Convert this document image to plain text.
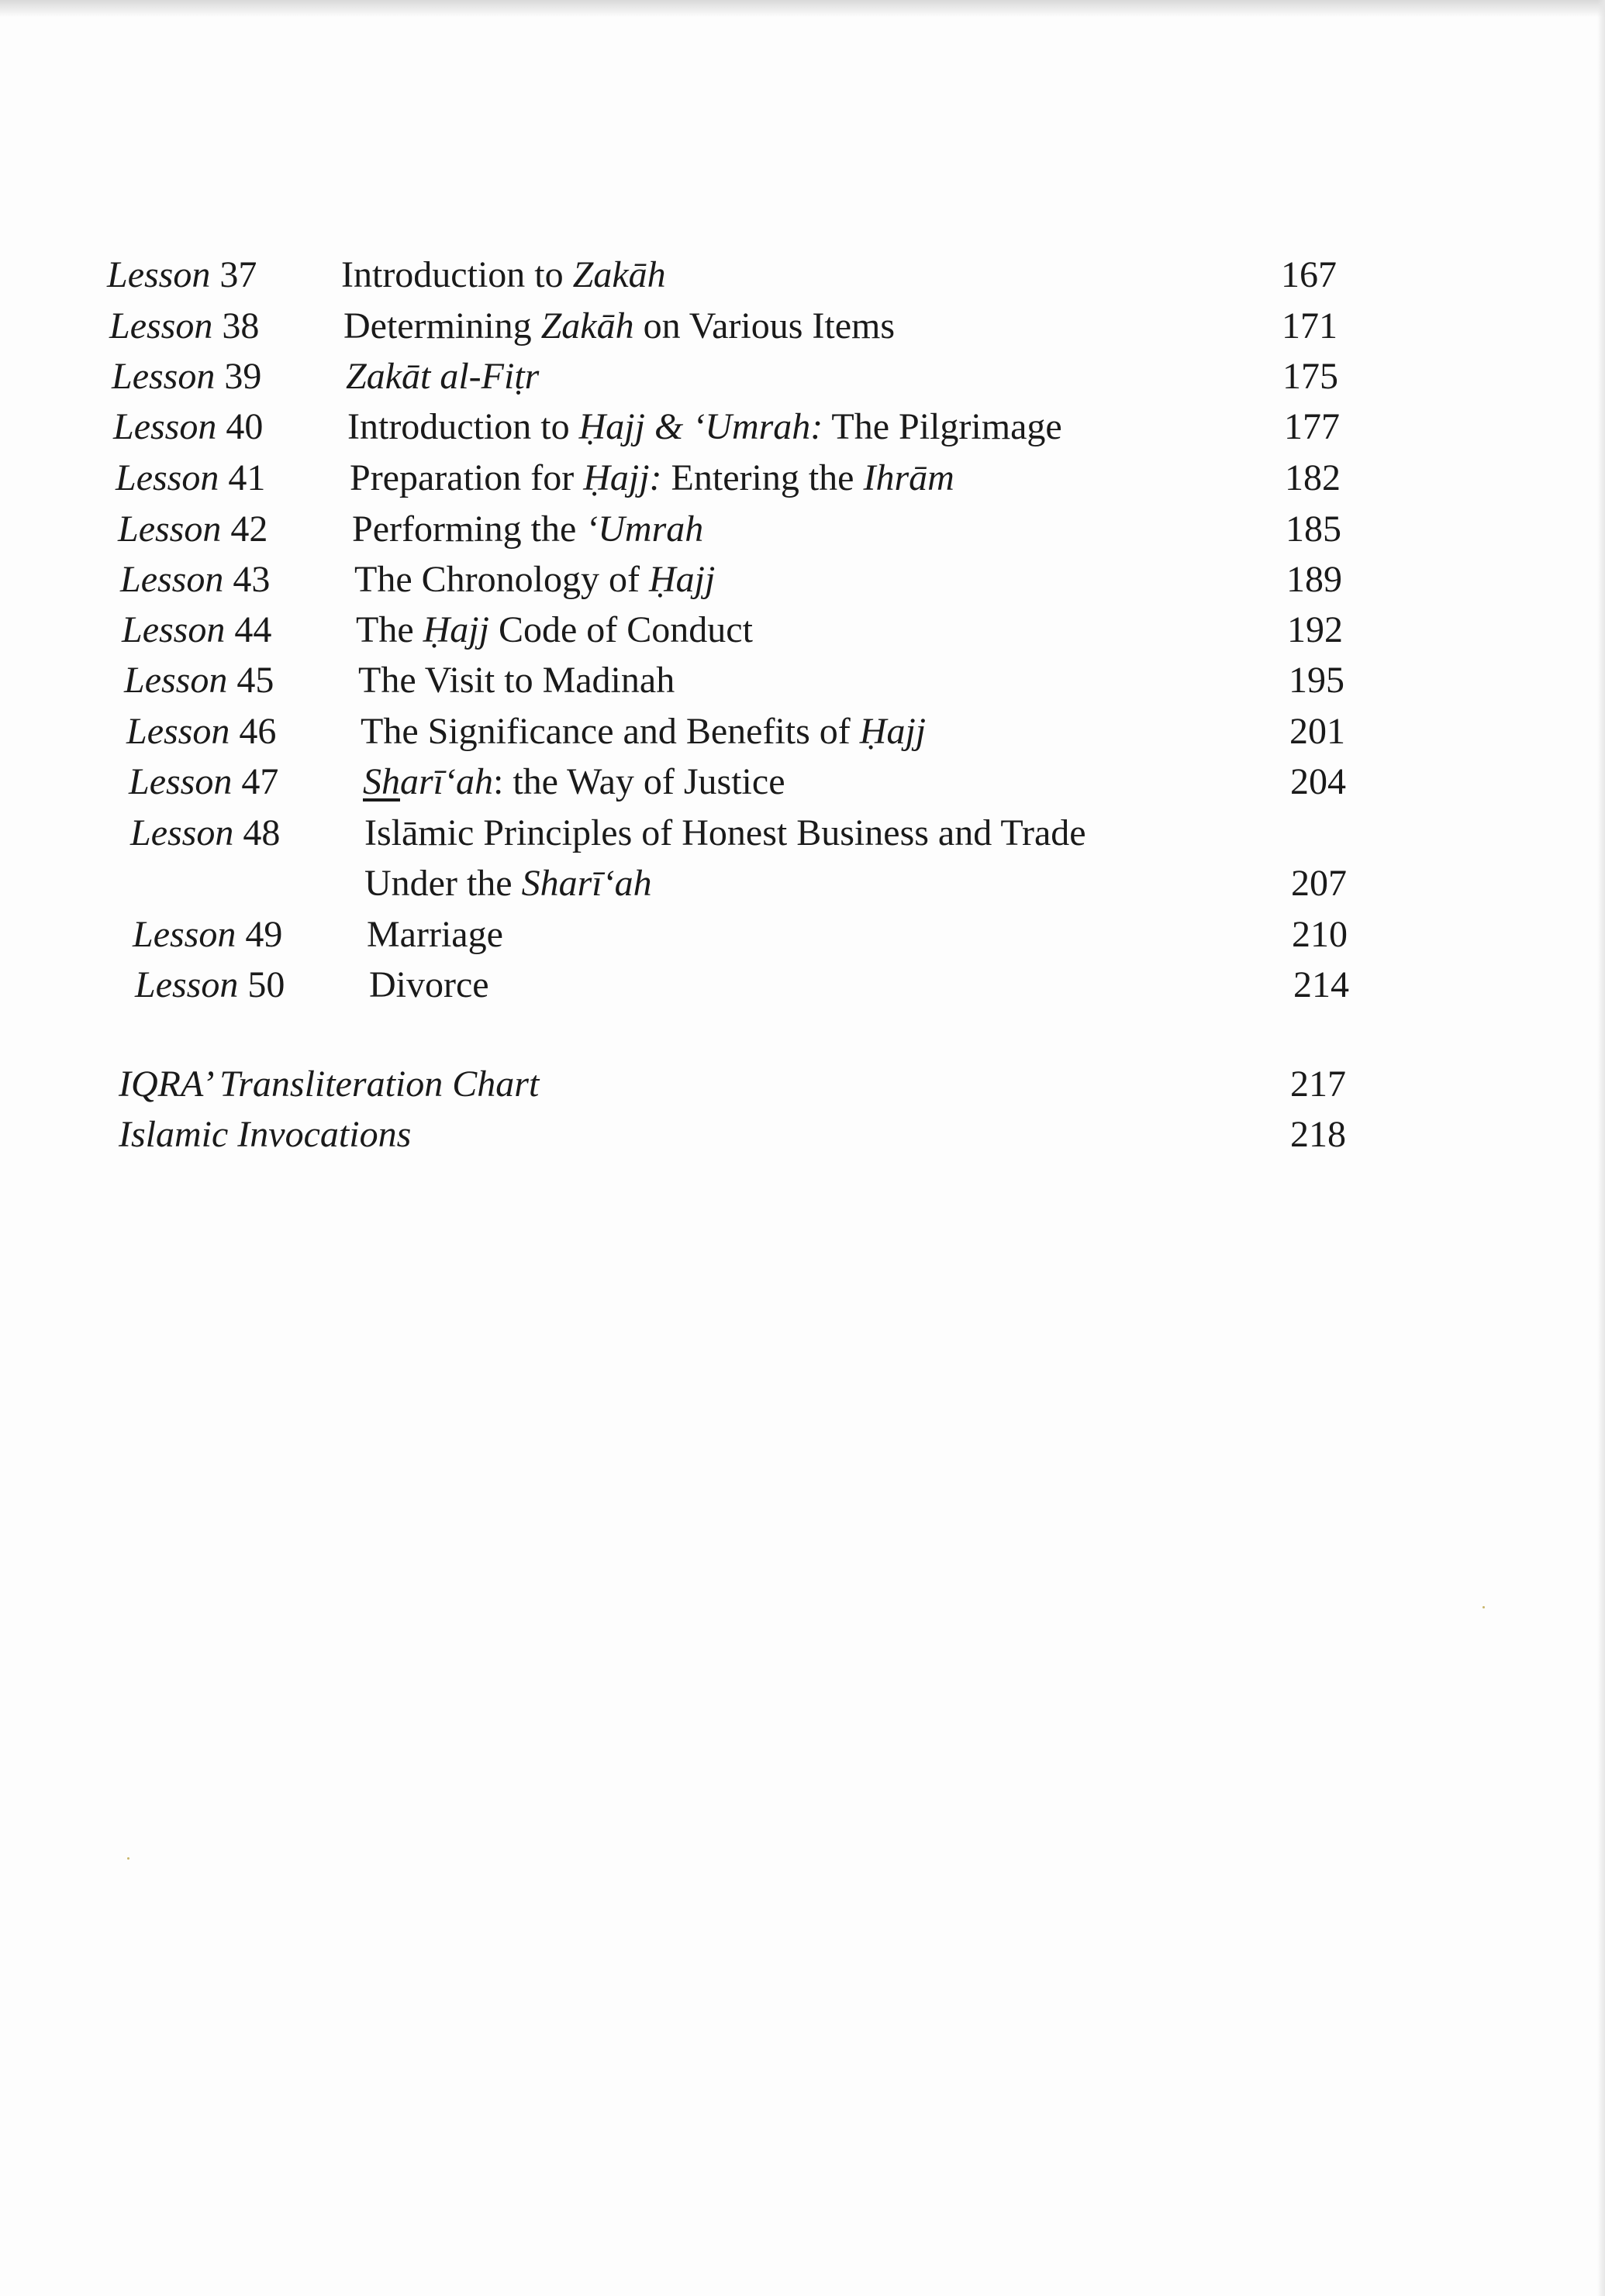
Lesson 37 Introduction to Zakāh	167
Lesson 38 Determining Zakāh on Various Items	171
Lesson 39 Zakāt al-Fiṭr	175
Lesson 40 Introduction to Ḥajj & ‘Umrah: The Pilgrimage	177
Lesson 41 Preparation for Ḥajj: Entering the Ihrām	182
Lesson 42 Performing the ‘Umrah	185
Lesson 43 The Chronology of Ḥajj	189
Lesson 44 The Ḥajj Code of Conduct	192
Lesson 45 The Visit to Madinah	195
Lesson 46 The Significance and Benefits of Ḥajj	201
Lesson 47 Sharī‘ah: the Way of Justice	204
Lesson 48 Islāmic Principles of Honest Business and Trade
Under the Sharī‘ah	207
Lesson 49 Marriage	210
Lesson 50 Divorce	214
IQRA’ Transliteration Chart	217
Islamic Invocations	218
